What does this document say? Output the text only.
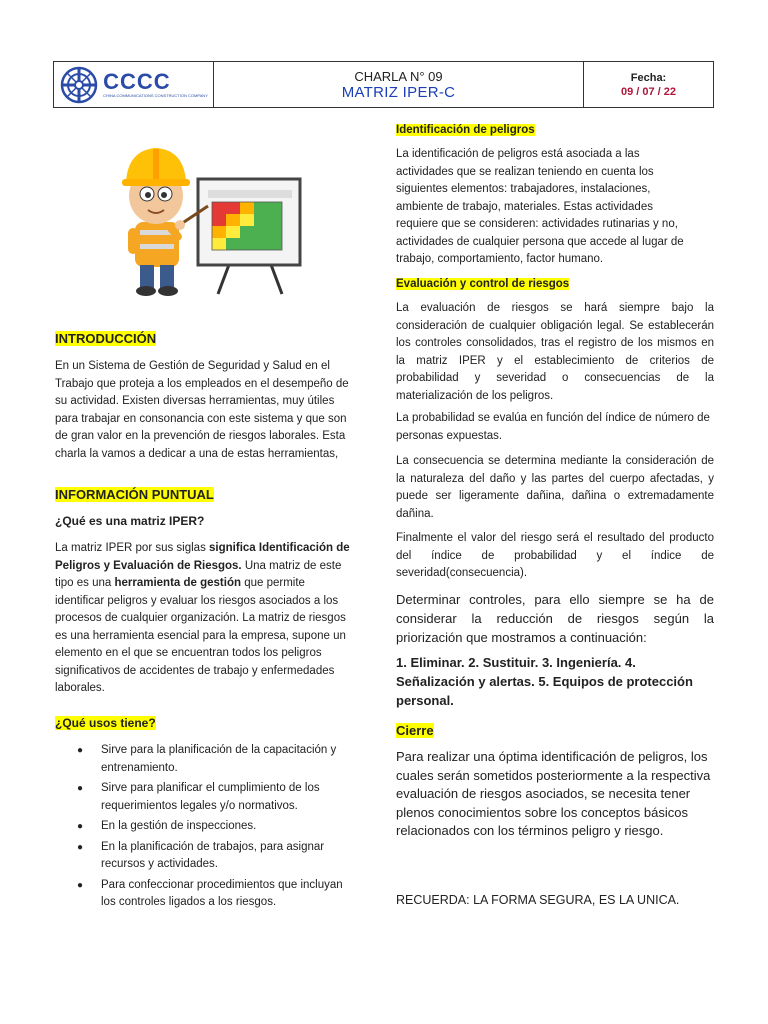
CCCC
CHINA COMMUNICATIONS CONSTRUCTION COMPANY
CHARLA N° 09
MATRIZ IPER-C
Fecha:
09 / 07 / 22
INTRODUCCIÓN

En un Sistema de Gestión de Seguridad y Salud en el Trabajo que proteja a los empleados en el desempeño de su actividad. Existen diversas herramientas, muy útiles para trabajar en consonancia con este sistema y que son de gran valor en la prevención de riesgos laborales. Esta charla la vamos a dedicar a una de estas herramientas,

INFORMACIÓN PUNTUAL
¿Qué es una matriz IPER?

La matriz IPER por sus siglas significa Identificación de Peligros y Evaluación de Riesgos. Una matriz de este tipo es una herramienta de gestión que permite identificar peligros y evaluar los riesgos asociados a los procesos de cualquier organización. La matriz de riesgos es una herramienta esencial para la empresa, supone un elemento en el que se encuentran todos los peligros significativos de accidentes de trabajo y enfermedades laborales.

¿Qué usos tiene?
● Sirve para la planificación de la capacitación y entrenamiento.
● Sirve para planificar el cumplimiento de los requerimientos legales y/o normativos.
● En la gestión de inspecciones.
● En la planificación de trabajos, para asignar recursos y actividades.
● Para confeccionar procedimientos que incluyan los controles ligados a los riesgos.
Identificación de peligros

La identificación de peligros está asociada a las actividades que se realizan teniendo en cuenta los siguientes elementos: trabajadores, instalaciones, ambiente de trabajo, materiales. Estas actividades requiere que se consideren: actividades rutinarias y no, actividades de cualquier persona que accede al lugar de trabajo, comportamiento, factor humano.

Evaluación y control de riesgos

La evaluación de riesgos se hará siempre bajo la consideración de cualquier obligación legal. Se establecerán los controles consolidados, tras el registro de los mismos en la matriz IPER y el establecimiento de criterios de probabilidad y severidad o consecuencias de la materialización de los peligros.

La probabilidad se evalúa en función del índice de número de personas expuestas.

La consecuencia se determina mediante la consideración de la naturaleza del daño y las partes del cuerpo afectadas, y puede ser ligeramente dañina, dañina o extremadamente dañina.

Finalmente el valor del riesgo será el resultado del producto del índice de probabilidad y el índice de severidad(consecuencia).

Determinar controles, para ello siempre se ha de considerar la reducción de riesgos según la priorización que mostramos a continuación:

1. Eliminar. 2. Sustituir. 3. Ingeniería. 4. Señalización y alertas. 5. Equipos de protección personal.

Cierre

Para realizar una óptima identificación de peligros, los cuales serán sometidos posteriormente a la respectiva evaluación de riesgos asociados, se necesita tener plenos conocimientos sobre los conceptos básicos relacionados con los términos peligro y riesgo.

RECUERDA: LA FORMA SEGURA, ES LA UNICA.
